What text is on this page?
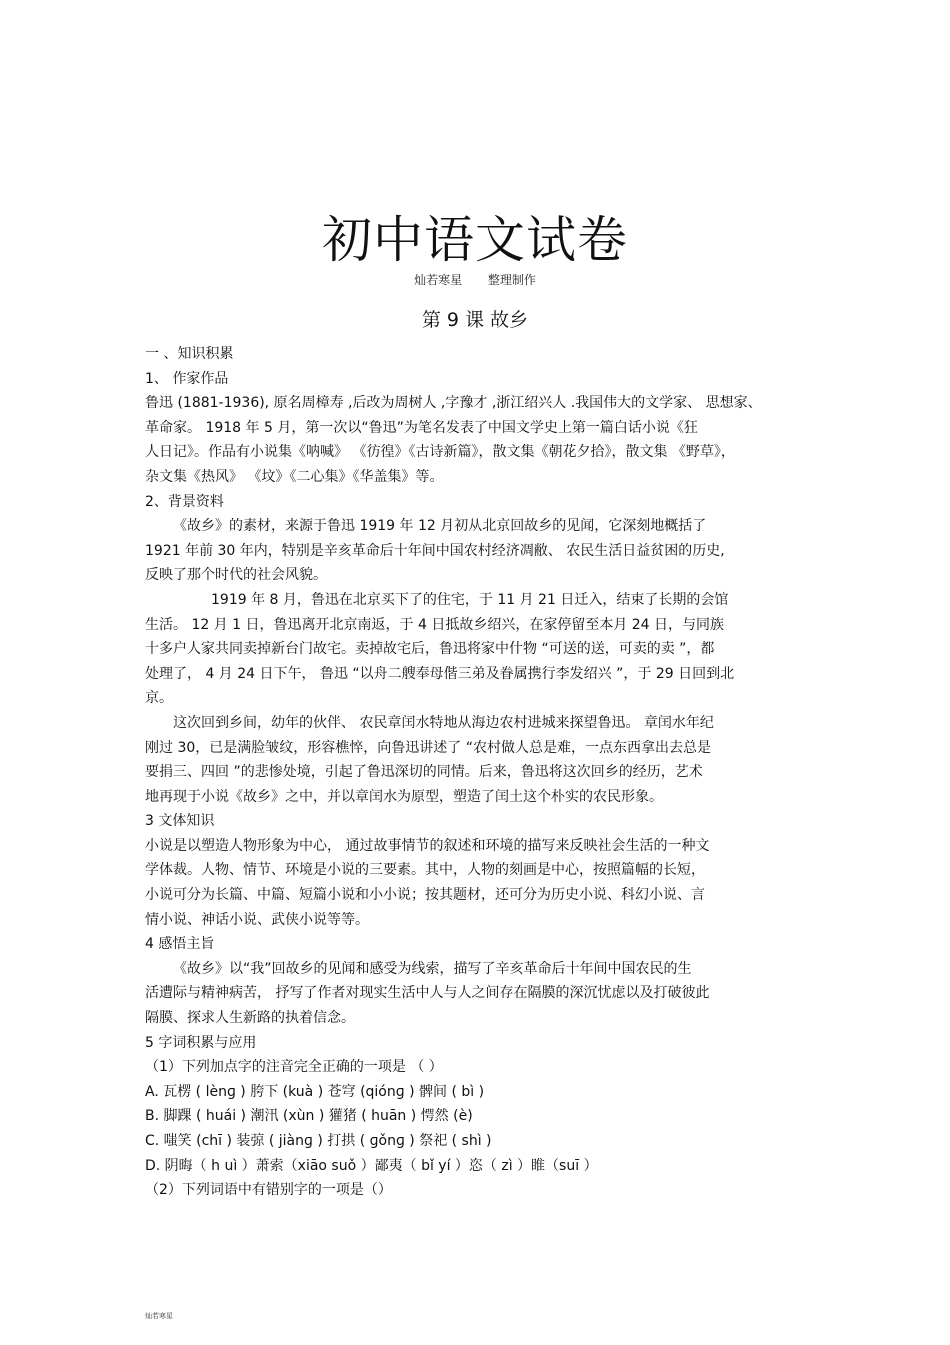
初中语文试卷
灿若寒星 整理制作
第 9 课 故乡
一 、知识积累
1、 作家作品
鲁迅 (1881-1936), 原名周樟寿 ,后改为周树人 ,字豫才 ,浙江绍兴人 .我国伟大的文学家、 思想家、
革命家。 1918 年 5 月，第一次以“鲁迅”为笔名发表了中国文学史上第一篇白话小说《狂
人日记》。作品有小说集《呐喊》 《彷徨》《古诗新篇》，散文集《朝花夕拾》，散文集 《野草》，
杂文集《热风》 《坟》《二心集》《华盖集》等。
2、背景资料
《故乡》的素材，来源于鲁迅 1919 年 12 月初从北京回故乡的见闻，它深刻地概括了
1921 年前 30 年内，特别是辛亥革命后十年间中国农村经济凋敝、 农民生活日益贫困的历史,
反映了那个时代的社会风貌。
1919 年 8 月，鲁迅在北京买下了的住宅，于 11 月 21 日迁入，结束了长期的会馆
生活。 12 月 1 日，鲁迅离开北京南返，于 4 日抵故乡绍兴，在家停留至本月 24 日，与同族
十多户人家共同卖掉新台门故宅。卖掉故宅后，鲁迅将家中什物 “可送的送，可卖的卖 ”，都
处理了， 4 月 24 日下午， 鲁迅 “以舟二艘奉母偕三弟及眷属携行李发绍兴 ”，于 29 日回到北
京。
这次回到乡间，幼年的伙伴、 农民章闰水特地从海边农村进城来探望鲁迅。 章闰水年纪
刚过 30，已是满脸皱纹，形容樵悴，向鲁迅讲述了 “农村做人总是难，一点东西拿出去总是
要捐三、四回 ”的悲惨处境，引起了鲁迅深切的同情。后来，鲁迅将这次回乡的经历，艺术
地再现于小说《故乡》之中，并以章闰水为原型，塑造了闰土这个朴实的农民形象。
3 文体知识
小说是以塑造人物形象为中心， 通过故事情节的叙述和环境的描写来反映社会生活的一种文
学体裁。人物、情节、环境是小说的三要素。其中，人物的刻画是中心，按照篇幅的长短，
小说可分为长篇、中篇、短篇小说和小小说；按其题材，还可分为历史小说、科幻小说、言
情小说、神话小说、武侠小说等等。
4 感悟主旨
《故乡》以“我”回故乡的见闻和感受为线索，描写了辛亥革命后十年间中国农民的生
活遭际与精神病苦， 抒写了作者对现实生活中人与人之间存在隔膜的深沉忧虑以及打破彼此
隔膜、探求人生新路的执着信念。
5 字词积累与应用
（1）下列加点字的注音完全正确的一项是 （ ）
A. 瓦楞 ( lènɡ ) 胯下 (kuà ) 苍穹 (qiónɡ ) 髀间 ( bì )
B. 脚踝 ( huái ) 潮汛 (xùn ) 獾猪 ( huān ) 愕然 (è)
C. 嗤笑 (chī ) 装弶 ( jiànɡ ) 打拱 ( ɡǒnɡ ) 祭祀 ( shì )
D. 阴晦（ h uì ）萧索（xiāo suǒ ）鄙夷（ bǐ yí ）恣（ zì ）睢（suī ）
（2）下列词语中有错别字的一项是（）
灿若寒星
